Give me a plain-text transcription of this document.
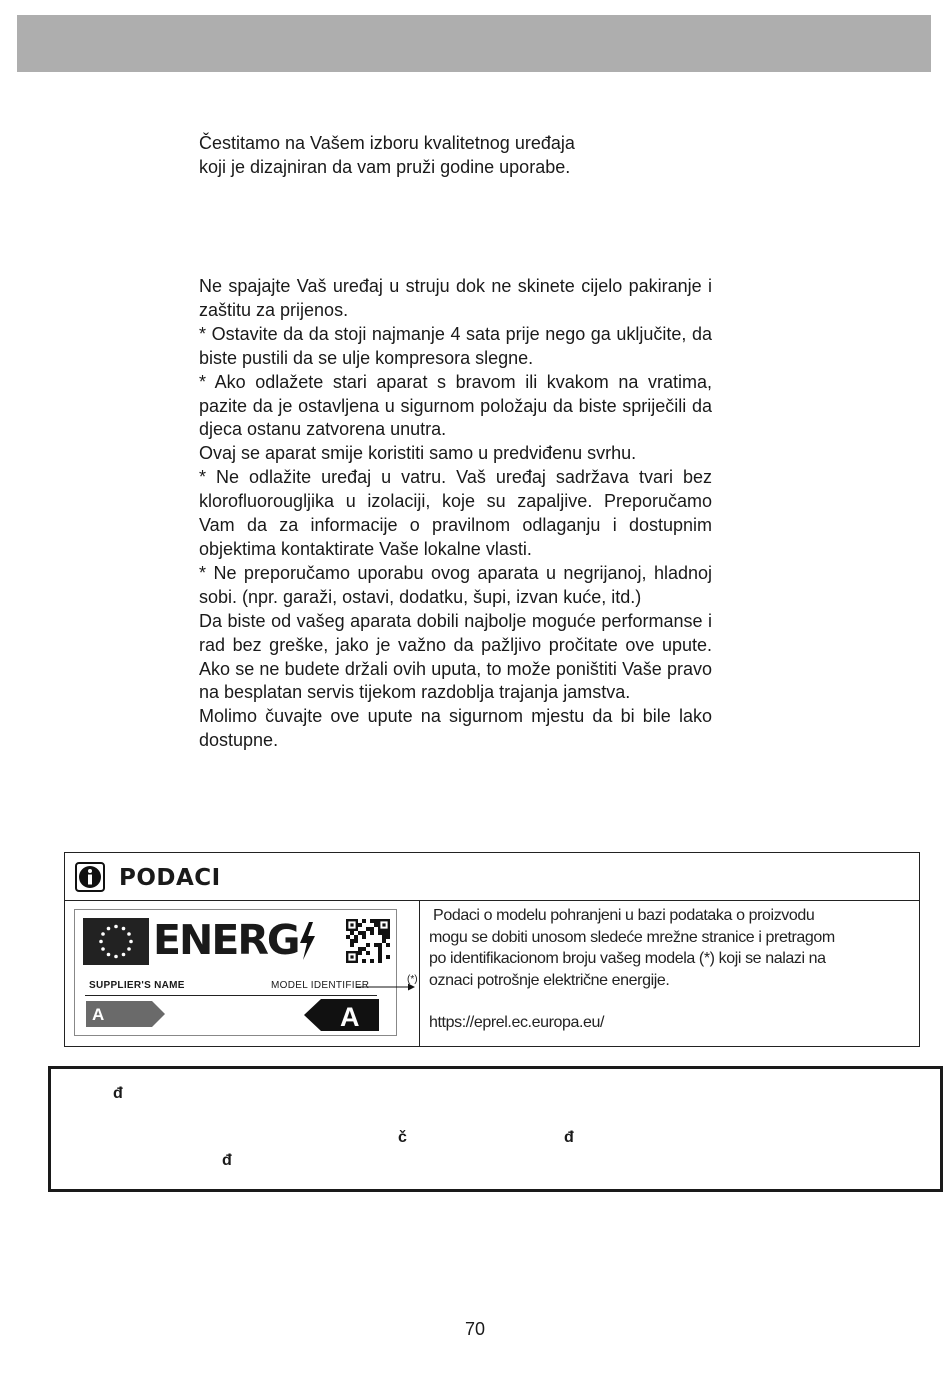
Čestitamo na Vašem izboru kvalitetnog uređaja

koji je dizajniran da vam pruži godine uporabe.

Ne spajajte Vaš uređaj u struju dok ne skinete cijelo pakiranje i zaštitu za prijenos.

* Ostavite da da stoji najmanje 4 sata prije nego ga uključite, da biste pustili da se ulje kompresora slegne.

* Ako odlažete stari aparat s bravom ili kvakom na vratima, pazite da je ostavljena u sigurnom položaju da biste spriječili da djeca ostanu zatvorena unutra.

Ovaj se aparat smije koristiti samo u predviđenu svrhu.

* Ne odlažite uređaj u vatru. Vaš uređaj sadržava tvari bez klorofluorougljika u izolaciji, koje su zapaljive. Preporučamo Vam da za informacije o pravilnom odlaganju i dostupnim objektima kontaktirate Vaše lokalne vlasti.

* Ne preporučamo uporabu ovog aparata u negrijanoj, hladnoj sobi. (npr. garaži, ostavi, dodatku, šupi, izvan kuće, itd.)

Da biste od vašeg aparata dobili najbolje moguće performanse i rad bez greške, jako je važno da pažljivo pročitate ove upute. Ako se ne budete držali ovih uputa, to može poništiti Vaše pravo na besplatan servis tijekom razdoblja trajanja jamstva.

Molimo čuvajte ove upute na sigurnom mjestu da bi bile lako dostupne.

PODACI
ENERG
SUPPLIER'S NAME	MODEL IDENTIFIER
A	A
(*)

Podaci o modelu pohranjeni u bazi podataka o proizvodu

mogu se dobiti unosom sledeće mrežne stranice i pretragom

po identifikacionom broju vašeg modela (*) koji se nalazi na

oznaci potrošnje električne energije.

https://eprel.ec.europa.eu/

đ
č	đ
đ
70
